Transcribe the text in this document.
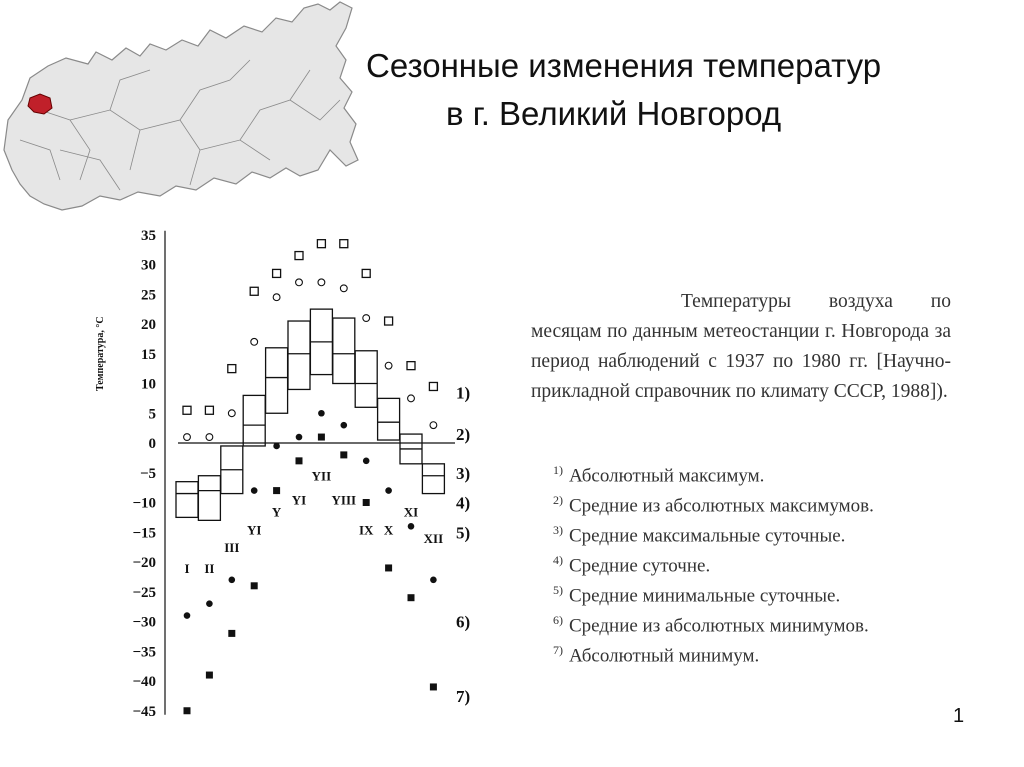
Сезонные изменения температур
в г. Великий Новгород
35
30
25
20
15
10
5
0
−5
−10
−15
−20
−25
−30
−35
−40
−45
Температура, °С
I II
III
YI
Y
YI
YII
YIII
IX X
XI
XII
1)
2)
3)
4)
5)
6)
7)
Температуры воздуха по месяцам по данным метеостанции г. Новгорода за период наблюдений с 1937 по 1980 гг. [Научно-прикладной справочник по климату СССР, 1988]).
$^{1)}$ Абсолютный максимум.
$^{2)}$ Средние из абсолютных максимумов.
$^{3)}$ Средние максимальные суточные.
$^{4)}$ Средние суточне.
$^{5)}$ Средние минимальные суточные.
$^{6)}$ Средние из абсолютных минимумов.
$^{7)}$ Абсолютный минимум.
1
